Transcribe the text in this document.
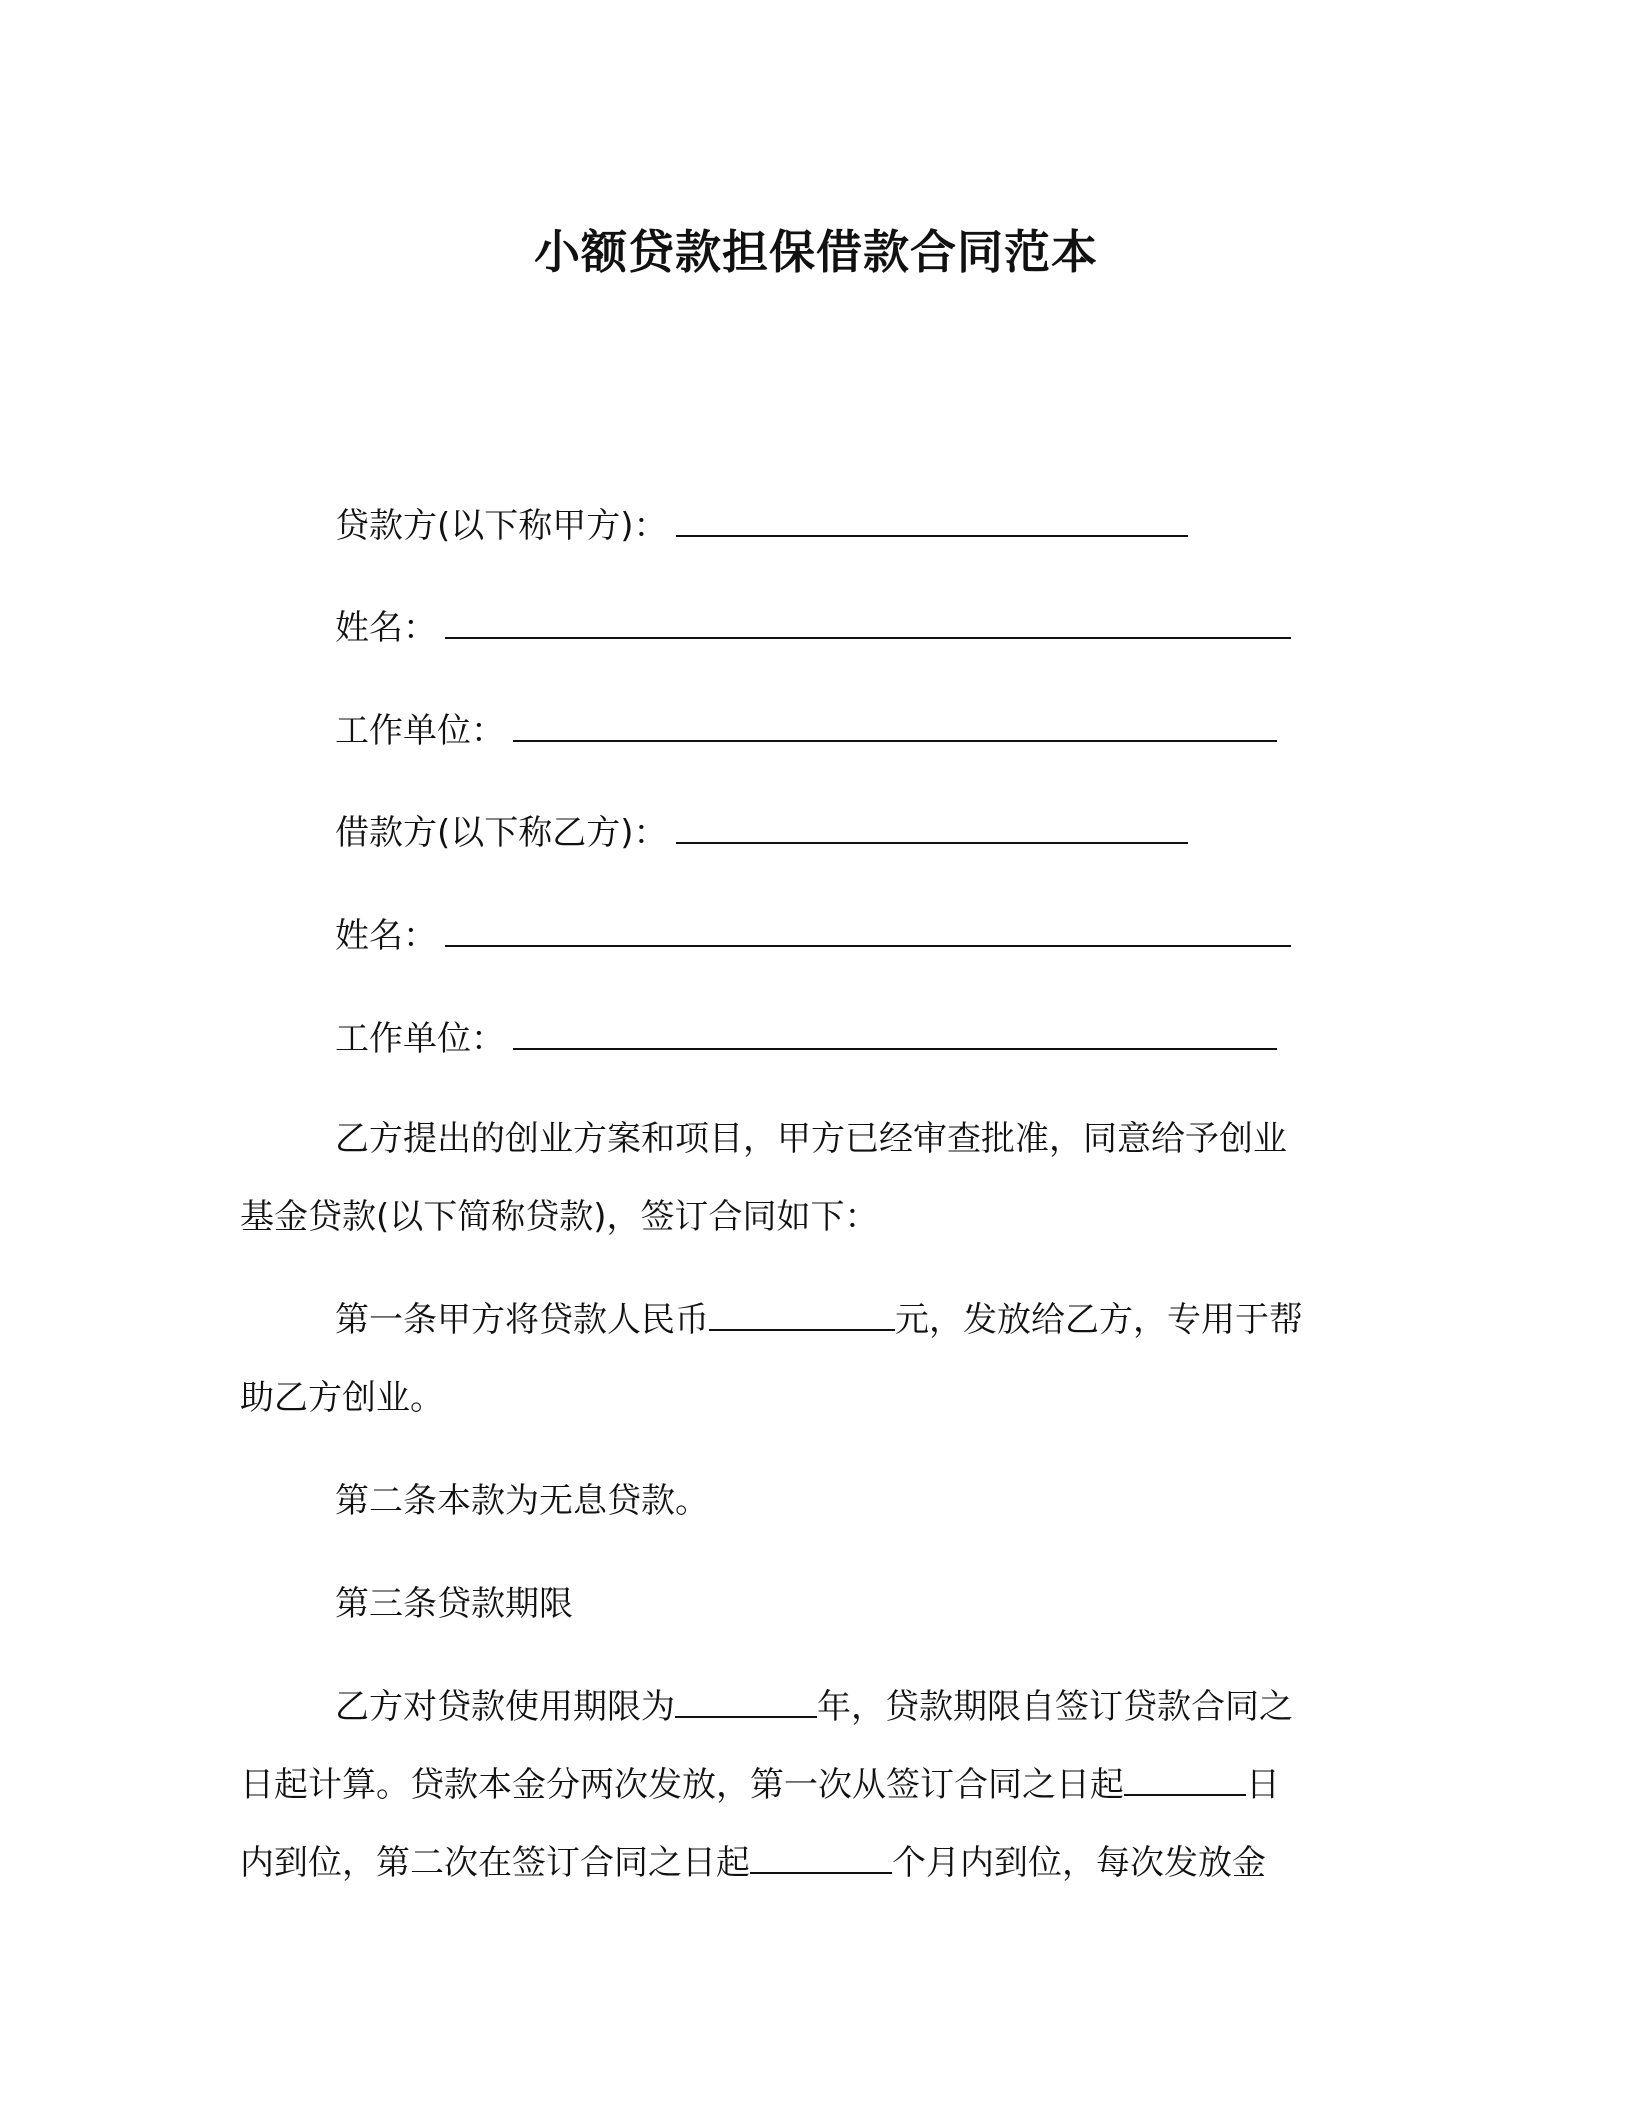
小额贷款担保借款合同范本
贷款方(以下称甲方)：
姓名：
工作单位：
借款方(以下称乙方)：
姓名：
工作单位：
乙方提出的创业方案和项目，甲方已经审查批准，同意给予创业
基金贷款(以下简称贷款)，签订合同如下：
第一条甲方将贷款人民币	元，发放给乙方，专用于帮
助乙方创业。
第二条本款为无息贷款。
第三条贷款期限
乙方对贷款使用期限为	年，贷款期限自签订贷款合同之
日起计算。贷款本金分两次发放，第一次从签订合同之日起	日
内到位，第二次在签订合同之日起	个月内到位，每次发放金
